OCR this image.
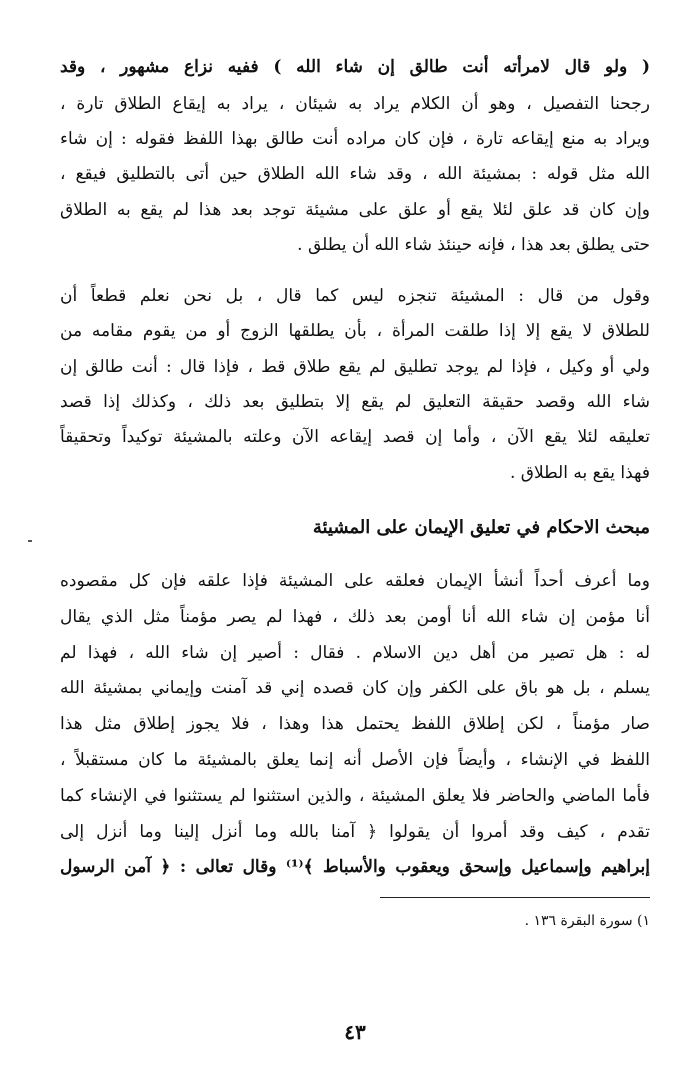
( ولو قال لامرأته أنت طالق إن شاء الله ) ففيه نزاع مشهور ، وقد
رجحنا التفصيل ، وهو أن الكلام يراد به شيئان ، يراد به إيقاع الطلاق تارة ،
ويراد به منع إيقاعه تارة ، فإن كان مراده أنت طالق بهذا اللفظ فقوله : إن شاء
الله مثل قوله : بمشيئة الله ، وقد شاء الله الطلاق حين أتى بالتطليق فيقع ،
وإن كان قد علق لئلا يقع أو علق على مشيئة توجد بعد هذا لم يقع به الطلاق
حتى يطلق بعد هذا ، فإنه حينئذ شاء الله أن يطلق .
وقول من قال : المشيئة تنجزه ليس كما قال ، بل نحن نعلم قطعاً أن
للطلاق لا يقع إلا إذا طلقت المرأة ، بأن يطلقها الزوج أو من يقوم مقامه من
ولي أو وكيل ، فإذا لم يوجد تطليق لم يقع طلاق قط ، فإذا قال : أنت طالق إن
شاء الله وقصد حقيقة التعليق لم يقع إلا بتطليق بعد ذلك ، وكذلك إذا قصد
تعليقه لئلا يقع الآن ، وأما إن قصد إيقاعه الآن وعلته بالمشيئة توكيداً وتحقيقاً
فهذا يقع به الطلاق .
مبحث الاحكام في تعليق الإيمان على المشيئة
وما أعرف أحداً أنشأ الإيمان فعلقه على المشيئة فإذا علقه فإن كل مقصوده
أنا مؤمن إن شاء الله أنا أومن بعد ذلك ، فهذا لم يصر مؤمناً مثل الذي يقال
له : هل تصير من أهل دين الاسلام . فقال : أصير إن شاء الله ، فهذا لم
يسلم ، بل هو باق على الكفر وإن كان قصده إني قد آمنت وإيماني بمشيئة الله
صار مؤمناً ، لكن إطلاق اللفظ يحتمل هذا وهذا ، فلا يجوز إطلاق مثل هذا
اللفظ في الإنشاء ، وأيضاً فإن الأصل أنه إنما يعلق بالمشيئة ما كان مستقبلاً ،
فأما الماضي والحاضر فلا يعلق المشيئة ، والذين استثنوا لم يستثنوا في الإنشاء كما
تقدم ، كيف وقد أمروا أن يقولوا ﴿ آمنا بالله وما أنزل إلينا وما أنزل إلى
إبراهيم وإسماعيل وإسحق ويعقوب والأسباط ﴾⁽¹⁾ وقال تعالى : ﴿ آمن الرسول
١) سورة البقرة ١٣٦ .
٤٣
